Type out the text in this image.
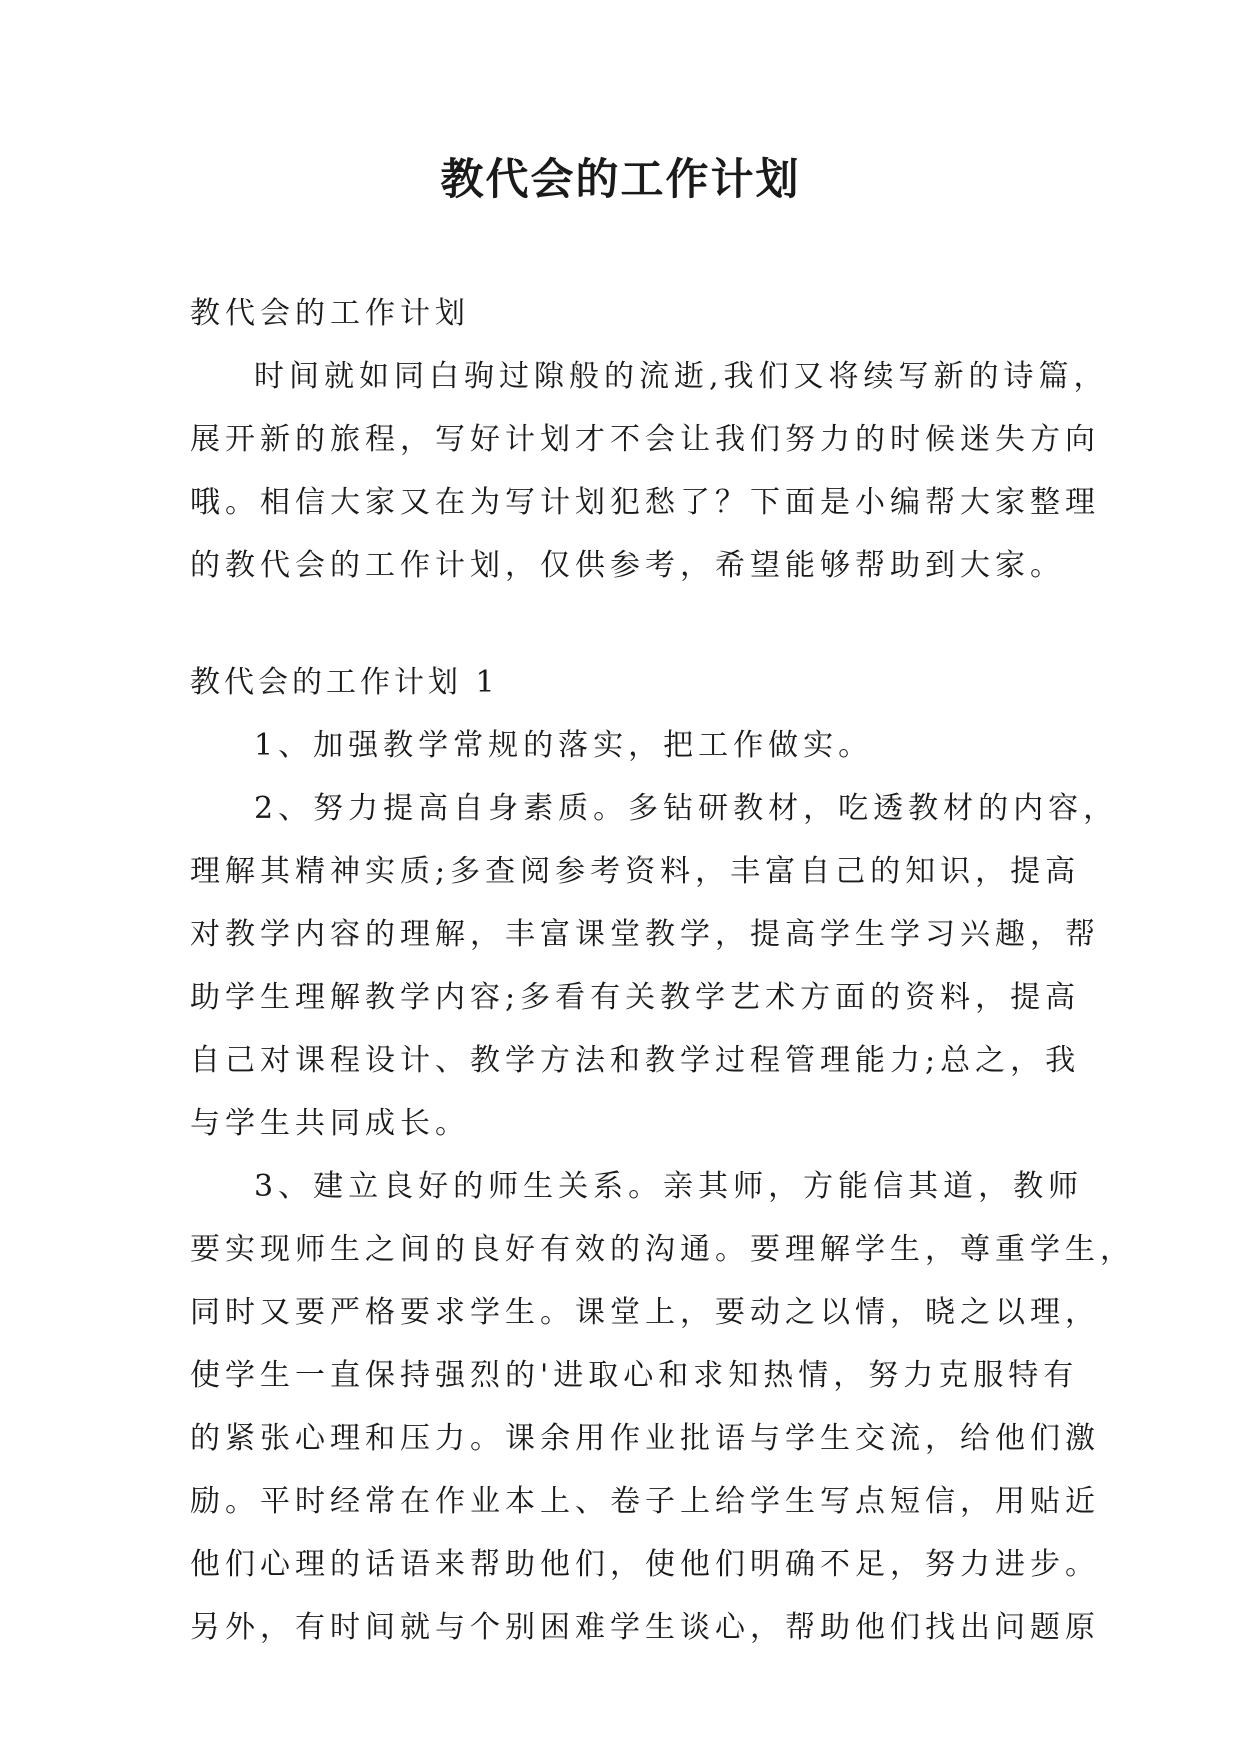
教代会的工作计划
教代会的工作计划
时间就如同白驹过隙般的流逝,我们又将续写新的诗篇，
展开新的旅程，写好计划才不会让我们努力的时候迷失方向
哦。相信大家又在为写计划犯愁了？下面是小编帮大家整理
的教代会的工作计划，仅供参考，希望能够帮助到大家。
教代会的工作计划 1
1、加强教学常规的落实，把工作做实。
2、努力提高自身素质。多钻研教材，吃透教材的内容，
理解其精神实质;多查阅参考资料，丰富自己的知识，提高
对教学内容的理解，丰富课堂教学，提高学生学习兴趣，帮
助学生理解教学内容;多看有关教学艺术方面的资料，提高
自己对课程设计、教学方法和教学过程管理能力;总之，我
与学生共同成长。
3、建立良好的师生关系。亲其师，方能信其道，教师
要实现师生之间的良好有效的沟通。要理解学生，尊重学生，
同时又要严格要求学生。课堂上，要动之以情，晓之以理，
使学生一直保持强烈的'进取心和求知热情，努力克服特有
的紧张心理和压力。课余用作业批语与学生交流，给他们激
励。平时经常在作业本上、卷子上给学生写点短信，用贴近
他们心理的话语来帮助他们，使他们明确不足，努力进步。
另外，有时间就与个别困难学生谈心，帮助他们找出问题原
